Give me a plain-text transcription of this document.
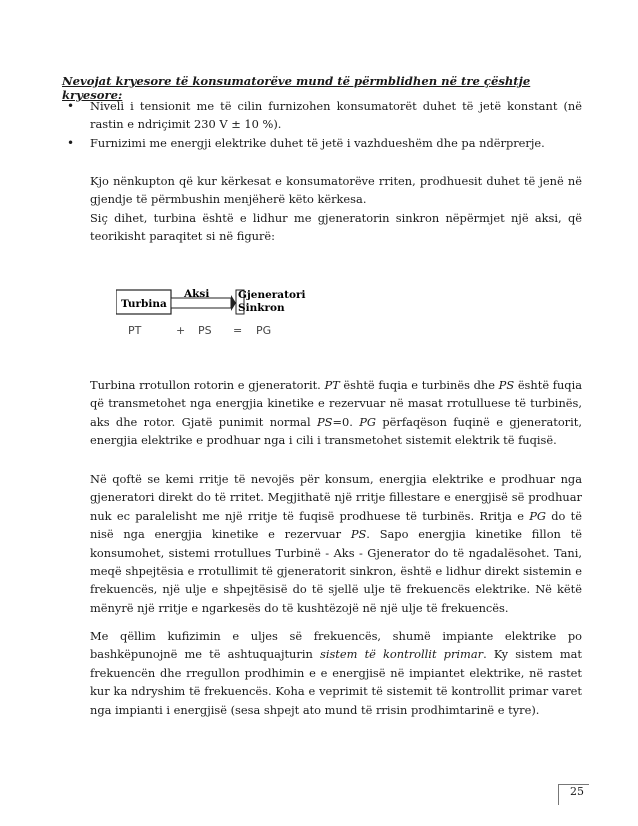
Nevojat kryesore të konsumatorëve mund të përmblidhen në tre çështje kryesore:
• Niveli i tensionit me të cilin furnizohen konsumatorët duhet të jetë konstant (në rastin e ndriçimit 230 V ± 10 %).
• Furnizimi me energji elektrike duhet të jetë i vazhdueshëm dhe pa ndërprerje.

Kjo nënkupton që kur kërkesat e konsumatorëve rriten, prodhuesit duhet të jenë në gjendje të përmbushin menjëherë këto kërkesa.

Siç dihet, turbina është e lidhur me gjeneratorin sinkron nëpërmjet një aksi, që teorikisht paraqitet si në figurë:

Turbina
Aksi	Gjeneratori
Sinkron
PT	+ PS = PG

Turbina rrotullon rotorin e gjeneratorit. PT është fuqia e turbinës dhe PS është fuqia që transmetohet nga energjia kinetike e rezervuar në masat rrotulluese të turbinës, aks dhe rotor. Gjatë punimit normal PS=0. PG përfaqëson fuqinë e gjeneratorit, energjia elektrike e prodhuar nga i cili i transmetohet sistemit elektrik të fuqisë.

Në qoftë se kemi rritje të nevojës për konsum, energjia elektrike e prodhuar nga gjeneratori direkt do të rritet. Megjithatë një rritje fillestare e energjisë së prodhuar nuk ec paralelisht me një rritje të fuqisë prodhuese të turbinës. Rritja e PG do të nisë nga energjia kinetike e rezervuar PS. Sapo energjia kinetike fillon të konsumohet, sistemi rrotullues Turbinë - Aks - Gjenerator do të ngadalësohet. Tani, meqë shpejtësia e rrotullimit të gjeneratorit sinkron, është e lidhur direkt sistemin e frekuencës, një ulje e shpejtësisë do të sjellë ulje të frekuencës elektrike. Në këtë mënyrë një rritje e ngarkesës do të kushtëzojë në një ulje të frekuencës.

Me qëllim kufizimin e uljes së frekuencës, shumë impiante elektrike po bashkëpunojnë me të ashtuquajturin sistem të kontrollit primar. Ky sistem mat frekuencën dhe rregullon prodhimin e e energjisë në impiantet elektrike, në rastet kur ka ndryshim të frekuencës. Koha e veprimit të sistemit të kontrollit primar varet nga impianti i energjisë (sesa shpejt ato mund të rrisin prodhimtarinë e tyre).

25
